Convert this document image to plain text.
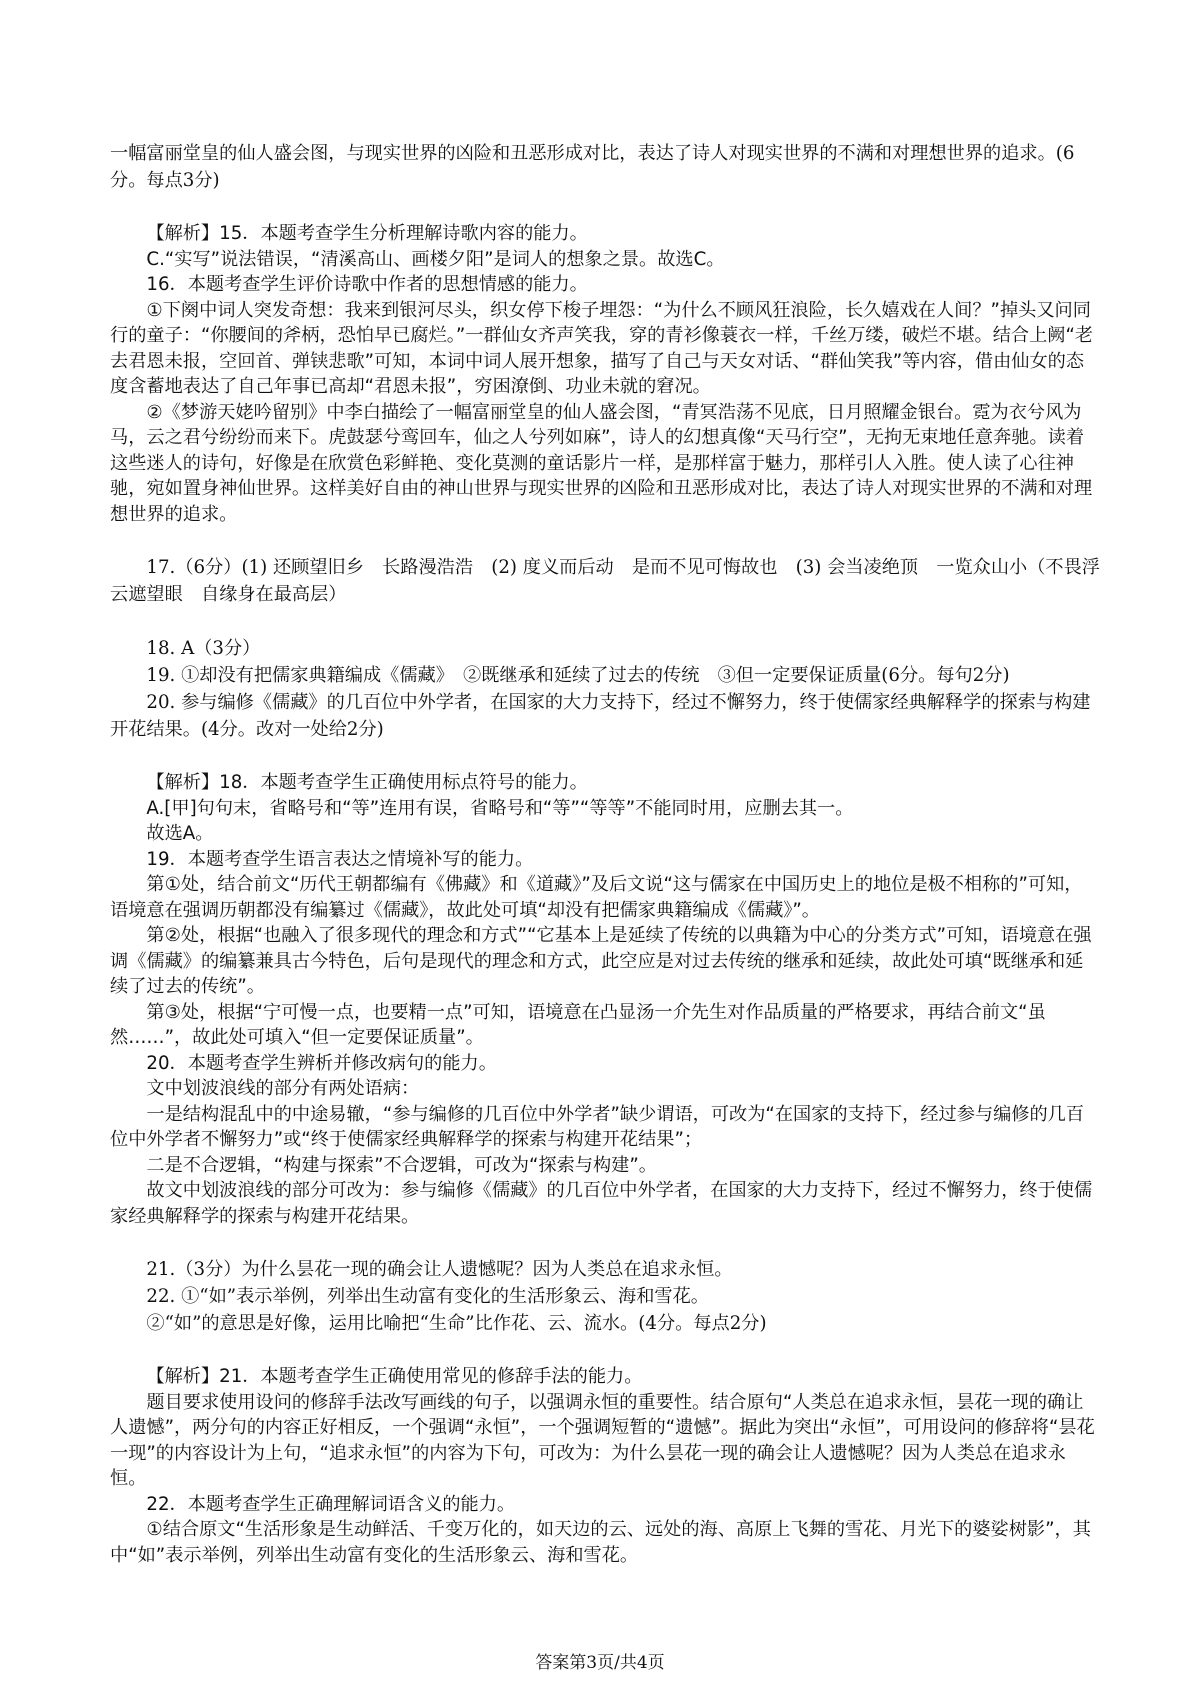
一幅富丽堂皇的仙人盛会图，与现实世界的凶险和丑恶形成对比，表达了诗人对现实世界的不满和对理想世界的追求。(6分。每点3分)

【解析】15．本题考查学生分析理解诗歌内容的能力。

C.“实写”说法错误，“清溪高山、画楼夕阳”是词人的想象之景。故选C。

16．本题考查学生评价诗歌中作者的思想情感的能力。

①下阕中词人突发奇想：我来到银河尽头，织女停下梭子埋怨：“为什么不顾风狂浪险，长久嬉戏在人间？”掉头又问同行的童子：“你腰间的斧柄，恐怕早已腐烂。”一群仙女齐声笑我，穿的青衫像蓑衣一样，千丝万缕，破烂不堪。结合上阙“老去君恩未报，空回首、弹铗悲歌”可知，本词中词人展开想象，描写了自己与天女对话、“群仙笑我”等内容，借由仙女的态度含蓄地表达了自己年事已高却“君恩未报”，穷困潦倒、功业未就的窘况。

②《梦游天姥吟留别》中李白描绘了一幅富丽堂皇的仙人盛会图，“青冥浩荡不见底，日月照耀金银台。霓为衣兮风为马，云之君兮纷纷而来下。虎鼓瑟兮鸾回车，仙之人兮列如麻”，诗人的幻想真像“天马行空”，无拘无束地任意奔驰。读着这些迷人的诗句，好像是在欣赏色彩鲜艳、变化莫测的童话影片一样，是那样富于魅力，那样引人入胜。使人读了心往神驰，宛如置身神仙世界。这样美好自由的神山世界与现实世界的凶险和丑恶形成对比，表达了诗人对现实世界的不满和对理想世界的追求。

17.（6分）(1) 还顾望旧乡　长路漫浩浩　(2) 度义而后动　是而不见可悔故也　(3) 会当凌绝顶　一览众山小（不畏浮云遮望眼　自缘身在最高层）

18. A（3分）

19. ①却没有把儒家典籍编成《儒藏》　②既继承和延续了过去的传统　③但一定要保证质量(6分。每句2分)

20. 参与编修《儒藏》的几百位中外学者，在国家的大力支持下，经过不懈努力，终于使儒家经典解释学的探索与构建开花结果。(4分。改对一处给2分)

【解析】18．本题考查学生正确使用标点符号的能力。

A.[甲]句句末，省略号和“等”连用有误，省略号和“等”“等等”不能同时用，应删去其一。

故选A。

19．本题考查学生语言表达之情境补写的能力。

第①处，结合前文“历代王朝都编有《佛藏》和《道藏》”及后文说“这与儒家在中国历史上的地位是极不相称的”可知，语境意在强调历朝都没有编纂过《儒藏》，故此处可填“却没有把儒家典籍编成《儒藏》”。

第②处，根据“也融入了很多现代的理念和方式”“它基本上是延续了传统的以典籍为中心的分类方式”可知，语境意在强调《儒藏》的编纂兼具古今特色，后句是现代的理念和方式，此空应是对过去传统的继承和延续，故此处可填“既继承和延续了过去的传统”。

第③处，根据“宁可慢一点，也要精一点”可知，语境意在凸显汤一介先生对作品质量的严格要求，再结合前文“虽然……”，故此处可填入“但一定要保证质量”。

20．本题考查学生辨析并修改病句的能力。

文中划波浪线的部分有两处语病：

一是结构混乱中的中途易辙，“参与编修的几百位中外学者”缺少谓语，可改为“在国家的支持下，经过参与编修的几百位中外学者不懈努力”或“终于使儒家经典解释学的探索与构建开花结果”；

二是不合逻辑，“构建与探索”不合逻辑，可改为“探索与构建”。

故文中划波浪线的部分可改为：参与编修《儒藏》的几百位中外学者，在国家的大力支持下，经过不懈努力，终于使儒家经典解释学的探索与构建开花结果。

21.（3分）为什么昙花一现的确会让人遗憾呢？因为人类总在追求永恒。

22. ①“如”表示举例，列举出生动富有变化的生活形象云、海和雪花。

②“如”的意思是好像，运用比喻把“生命”比作花、云、流水。(4分。每点2分)

【解析】21．本题考查学生正确使用常见的修辞手法的能力。

题目要求使用设问的修辞手法改写画线的句子，以强调永恒的重要性。结合原句“人类总在追求永恒，昙花一现的确让人遗憾”，两分句的内容正好相反，一个强调“永恒”，一个强调短暂的“遗憾”。据此为突出“永恒”，可用设问的修辞将“昙花一现”的内容设计为上句，“追求永恒”的内容为下句，可改为：为什么昙花一现的确会让人遗憾呢？因为人类总在追求永恒。

22．本题考查学生正确理解词语含义的能力。

①结合原文“生活形象是生动鲜活、千变万化的，如天边的云、远处的海、高原上飞舞的雪花、月光下的婆娑树影”，其中“如”表示举例，列举出生动富有变化的生活形象云、海和雪花。

答案第3页/共4页
